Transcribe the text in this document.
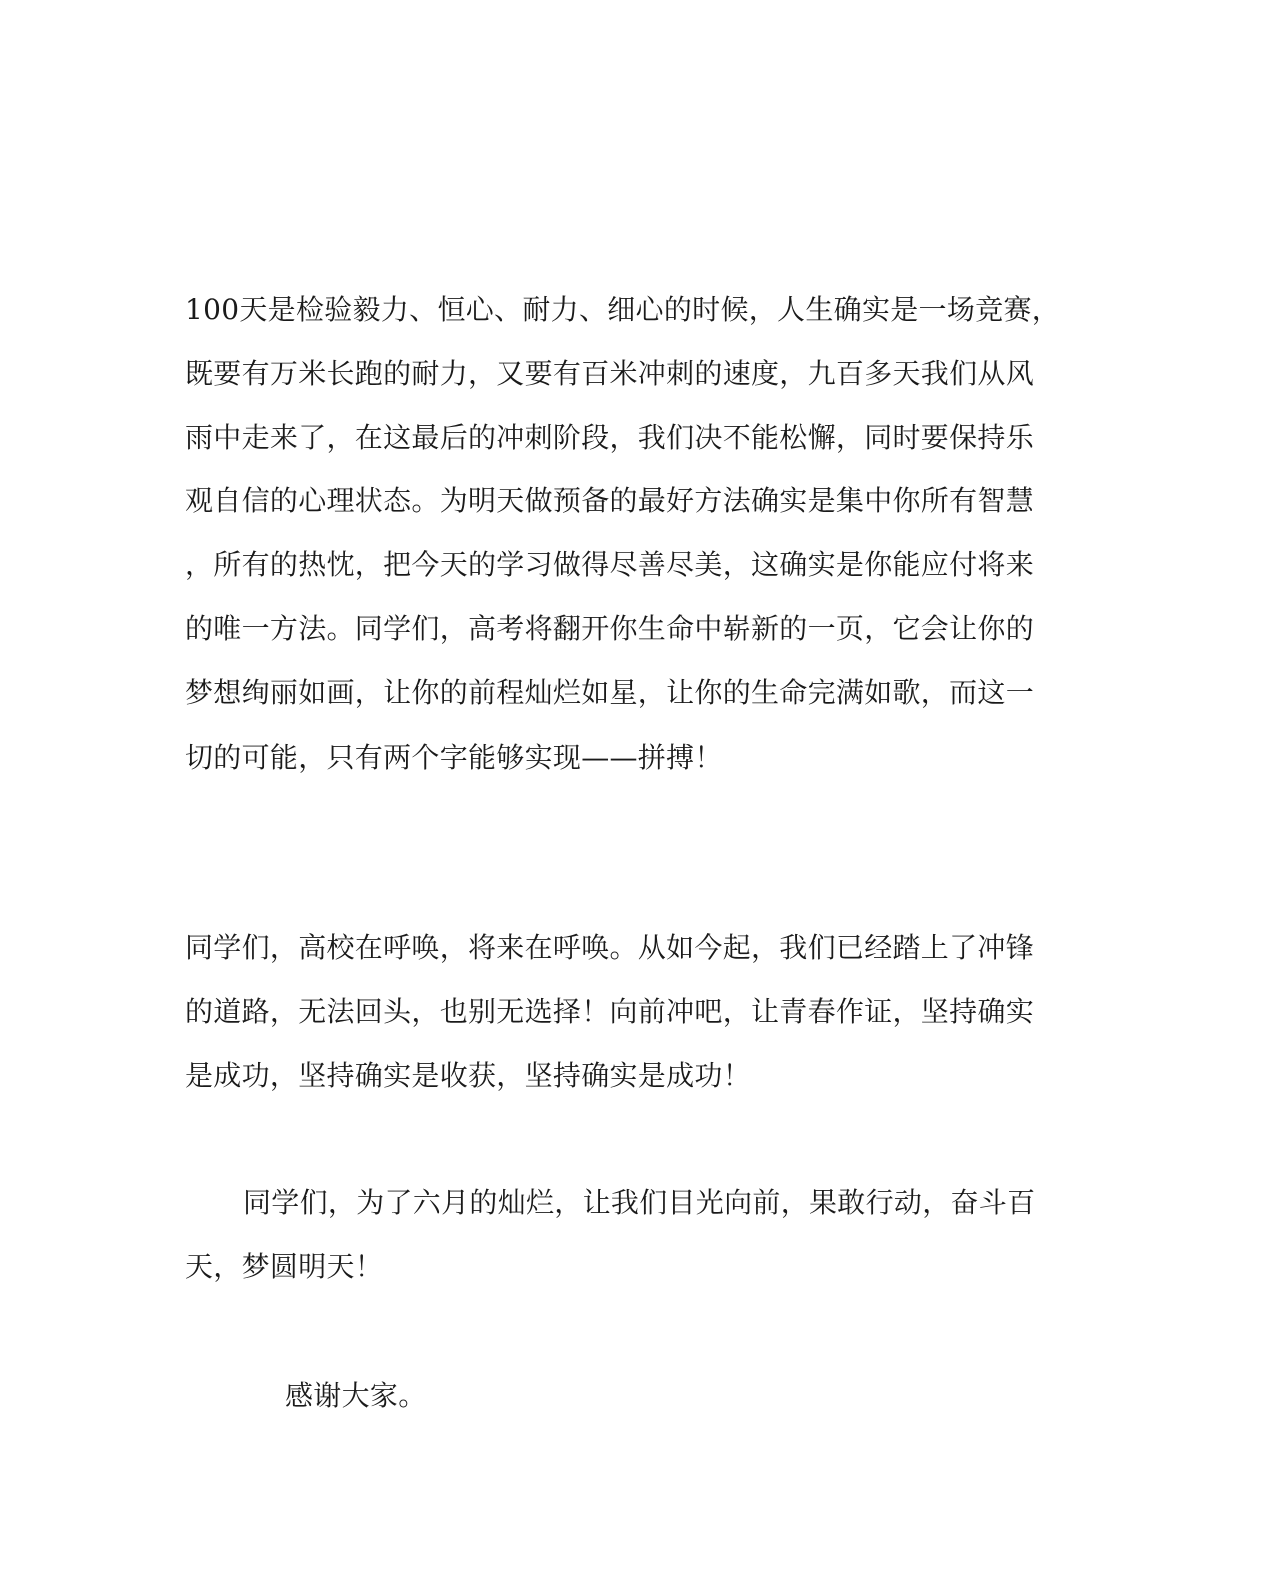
100天是检验毅力、恒心、耐力、细心的时候，人生确实是一场竞赛，
既要有万米长跑的耐力，又要有百米冲刺的速度，九百多天我们从风
雨中走来了，在这最后的冲刺阶段，我们决不能松懈，同时要保持乐
观自信的心理状态。为明天做预备的最好方法确实是集中你所有智慧
，所有的热忱，把今天的学习做得尽善尽美，这确实是你能应付将来
的唯一方法。同学们，高考将翻开你生命中崭新的一页，它会让你的
梦想绚丽如画，让你的前程灿烂如星，让你的生命完满如歌，而这一
切的可能，只有两个字能够实现——拼搏！
同学们，高校在呼唤，将来在呼唤。从如今起，我们已经踏上了冲锋
的道路，无法回头，也别无选择！向前冲吧，让青春作证，坚持确实
是成功，坚持确实是收获，坚持确实是成功！
同学们，为了六月的灿烂，让我们目光向前，果敢行动，奋斗百
天，梦圆明天！
感谢大家。
